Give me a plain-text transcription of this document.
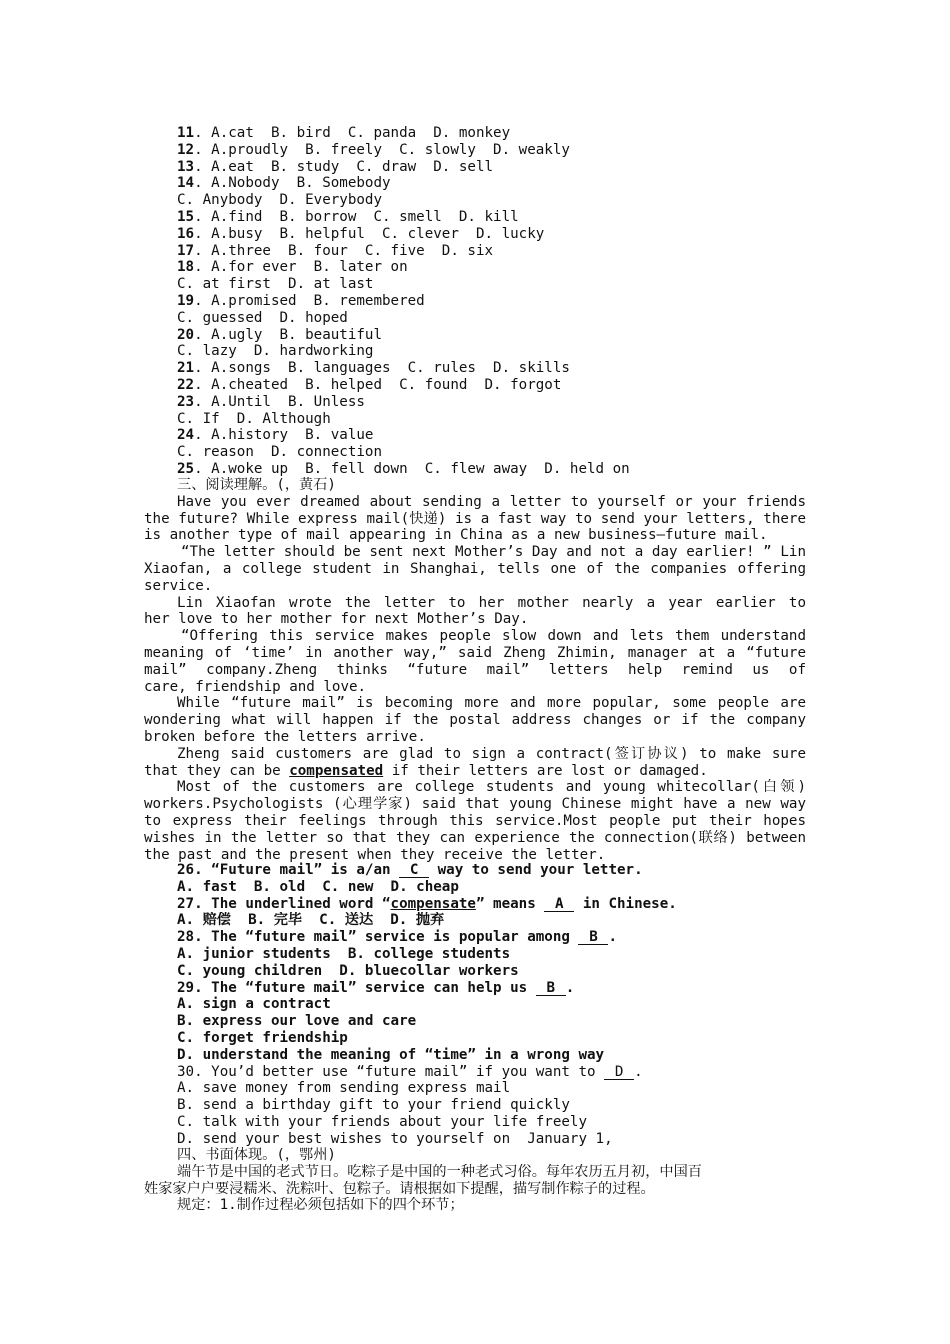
11. A.cat  B. bird  C. panda  D. monkey
12. A.proudly  B. freely  C. slowly  D. weakly
13. A.eat  B. study  C. draw  D. sell
14. A.Nobody  B. Somebody
C. Anybody  D. Everybody
15. A.find  B. borrow  C. smell  D. kill
16. A.busy  B. helpful  C. clever  D. lucky
17. A.three  B. four  C. five  D. six
18. A.for ever  B. later on
C. at first  D. at last
19. A.promised  B. remembered
C. guessed  D. hoped
20. A.ugly  B. beautiful
C. lazy  D. hardworking
21. A.songs  B. languages  C. rules  D. skills
22. A.cheated  B. helped  C. found  D. forgot
23. A.Until  B. Unless
C. If  D. Although
24. A.history  B. value
C. reason  D. connection
25. A.woke up  B. fell down  C. flew away  D. held on
三、阅读理解。(，黄石)
Have you ever dreamed about sending a letter to yourself or your friends
the future? While express mail(快递) is a fast way to send your letters, there
is another type of mail appearing in China as a new business—future mail.
“The letter should be sent next Mother’s Day and not a day earlier! ” Lin
Xiaofan, a college student in Shanghai, tells one of the companies offering
service.
Lin Xiaofan wrote the letter to her mother nearly a year earlier to
her love to her mother for next Mother’s Day.
“Offering this service makes people slow down and lets them understand
meaning of ‘time’ in another way,” said Zheng Zhimin, manager at a “future
mail” company.Zheng thinks “future mail” letters help remind us of
care, friendship and love.
While “future mail” is becoming more and more popular, some people are
wondering what will happen if the postal address changes or if the company
broken before the letters arrive.
Zheng said customers are glad to sign a contract(签订协议) to make sure
that they can be compensated if their letters are lost or damaged.
Most of the customers are college students and young whitecollar(白领)
workers.Psychologists (心理学家) said that young Chinese might have a new way
to express their feelings through this service.Most people put their hopes
wishes in the letter so that they can experience the connection(联络) between
the past and the present when they receive the letter.
26. “Future mail” is a/an C way to send your letter.
A. fast  B. old  C. new  D. cheap
27. The underlined word “compensate” means A in Chinese.
A. 赔偿  B. 完毕  C. 送达  D. 抛弃
28. The “future mail” service is popular among B .
A. junior students  B. college students
C. young children  D. bluecollar workers
29. The “future mail” service can help us B .
A. sign a contract
B. express our love and care
C. forget friendship
D. understand the meaning of “time” in a wrong way
30. You’d better use “future mail” if you want to D .
A. save money from sending express mail
B. send a birthday gift to your friend quickly
C. talk with your friends about your life freely
D. send your best wishes to yourself on  January 1,
四、书面体现。(，鄂州)
端午节是中国的老式节日。吃粽子是中国的一种老式习俗。每年农历五月初，中国百
姓家家户户要浸糯米、洗粽叶、包粽子。请根据如下提醒，描写制作粽子的过程。
规定：1.制作过程必须包括如下的四个环节；
